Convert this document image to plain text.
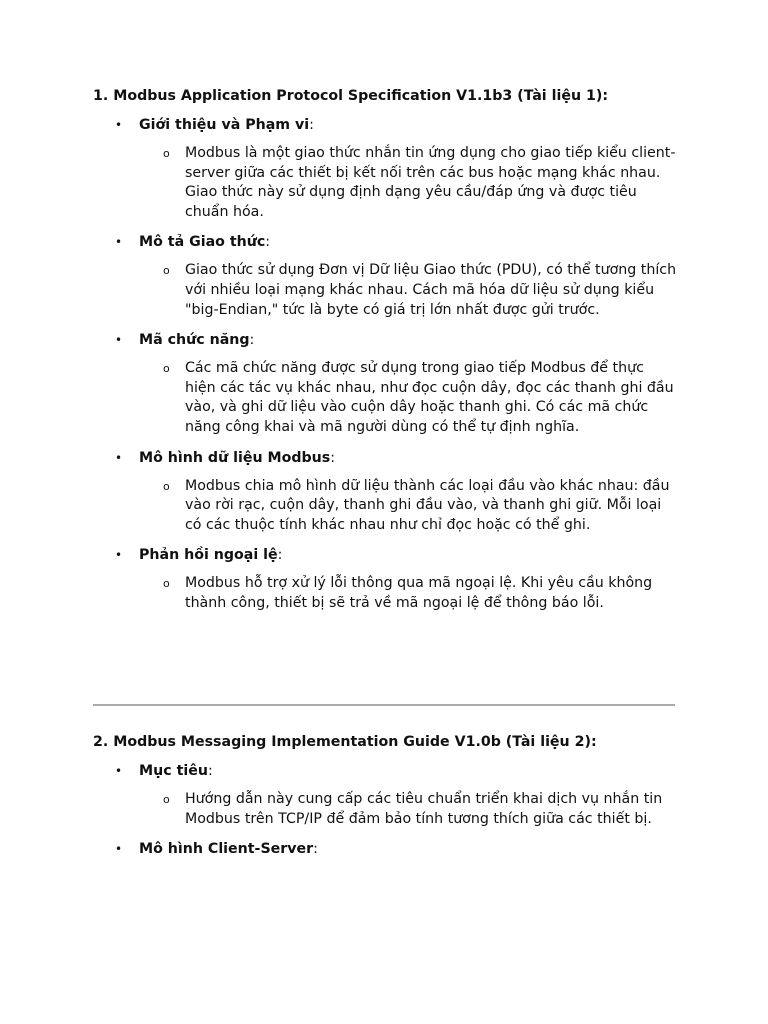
1. Modbus Application Protocol Specification V1.1b3 (Tài liệu 1):
• Giới thiệu và Phạm vi:
o Modbus là một giao thức nhắn tin ứng dụng cho giao tiếp kiểu client-server giữa các thiết bị kết nối trên các bus hoặc mạng khác nhau. Giao thức này sử dụng định dạng yêu cầu/đáp ứng và được tiêu chuẩn hóa.
• Mô tả Giao thức:
o Giao thức sử dụng Đơn vị Dữ liệu Giao thức (PDU), có thể tương thích với nhiều loại mạng khác nhau. Cách mã hóa dữ liệu sử dụng kiểu "big-Endian," tức là byte có giá trị lớn nhất được gửi trước.
• Mã chức năng:
o Các mã chức năng được sử dụng trong giao tiếp Modbus để thực hiện các tác vụ khác nhau, như đọc cuộn dây, đọc các thanh ghi đầu vào, và ghi dữ liệu vào cuộn dây hoặc thanh ghi. Có các mã chức năng công khai và mã người dùng có thể tự định nghĩa.
• Mô hình dữ liệu Modbus:
o Modbus chia mô hình dữ liệu thành các loại đầu vào khác nhau: đầu vào rời rạc, cuộn dây, thanh ghi đầu vào, và thanh ghi giữ. Mỗi loại có các thuộc tính khác nhau như chỉ đọc hoặc có thể ghi.
• Phản hồi ngoại lệ:
o Modbus hỗ trợ xử lý lỗi thông qua mã ngoại lệ. Khi yêu cầu không thành công, thiết bị sẽ trả về mã ngoại lệ để thông báo lỗi.
2. Modbus Messaging Implementation Guide V1.0b (Tài liệu 2):
• Mục tiêu:
o Hướng dẫn này cung cấp các tiêu chuẩn triển khai dịch vụ nhắn tin Modbus trên TCP/IP để đảm bảo tính tương thích giữa các thiết bị.
• Mô hình Client-Server:
